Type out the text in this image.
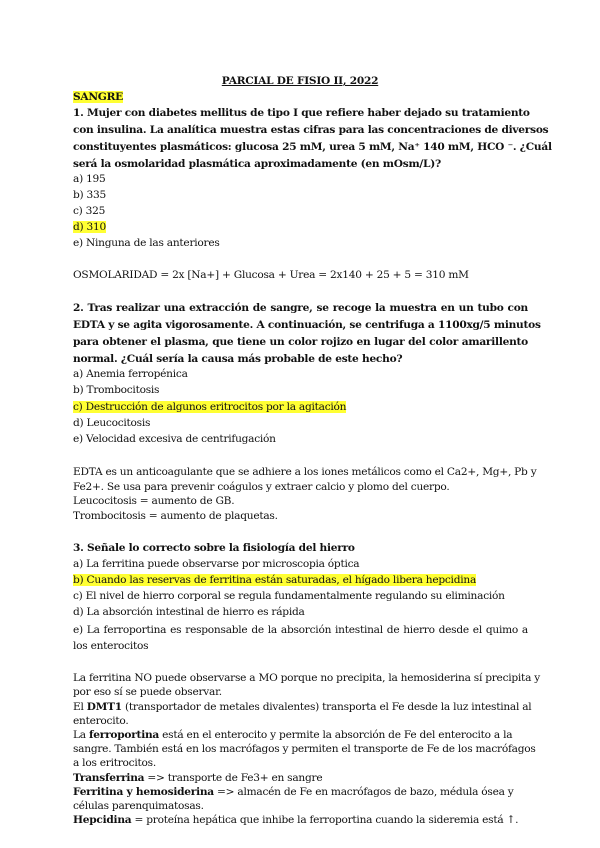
PARCIAL DE FISIO II, 2022
SANGRE
1. Mujer con diabetes mellitus de tipo I que refiere haber dejado su tratamiento
con insulina. La analítica muestra estas cifras para las concentraciones de diversos
constituyentes plasmáticos: glucosa 25 mM, urea 5 mM, Na⁺ 140 mM, HCO ⁻. ¿Cuál
será la osmolaridad plasmática aproximadamente (en mOsm/L)?
a) 195
b) 335
c) 325
d) 310
e) Ninguna de las anteriores
OSMOLARIDAD = 2x [Na+] + Glucosa + Urea = 2x140 + 25 + 5 = 310 mM
2. Tras realizar una extracción de sangre, se recoge la muestra en un tubo con
EDTA y se agita vigorosamente. A continuación, se centrifuga a 1100xg/5 minutos
para obtener el plasma, que tiene un color rojizo en lugar del color amarillento
normal. ¿Cuál sería la causa más probable de este hecho?
a) Anemia ferropénica
b) Trombocitosis
c) Destrucción de algunos eritrocitos por la agitación
d) Leucocitosis
e) Velocidad excesiva de centrifugación
EDTA es un anticoagulante que se adhiere a los iones metálicos como el Ca2+, Mg+, Pb y
Fe2+. Se usa para prevenir coágulos y extraer calcio y plomo del cuerpo.
Leucocitosis = aumento de GB.
Trombocitosis = aumento de plaquetas.
3. Señale lo correcto sobre la fisiología del hierro
a) La ferritina puede observarse por microscopia óptica
b) Cuando las reservas de ferritina están saturadas, el hígado libera hepcidina
c) El nivel de hierro corporal se regula fundamentalmente regulando su eliminación
d) La absorción intestinal de hierro es rápida
e) La ferroportina es responsable de la absorción intestinal de hierro desde el quimo a
los enterocitos
La ferritina NO puede observarse a MO porque no precipita, la hemosiderina sí precipita y
por eso sí se puede observar.
El DMT1 (transportador de metales divalentes) transporta el Fe desde la luz intestinal al
enterocito.
La ferroportina está en el enterocito y permite la absorción de Fe del enterocito a la
sangre. También está en los macrófagos y permiten el transporte de Fe de los macrófagos
a los eritrocitos.
Transferrina => transporte de Fe3+ en sangre
Ferritina y hemosiderina => almacén de Fe en macrófagos de bazo, médula ósea y
células parenquimatosas.
Hepcidina = proteína hepática que inhibe la ferroportina cuando la sideremia está ↑.
